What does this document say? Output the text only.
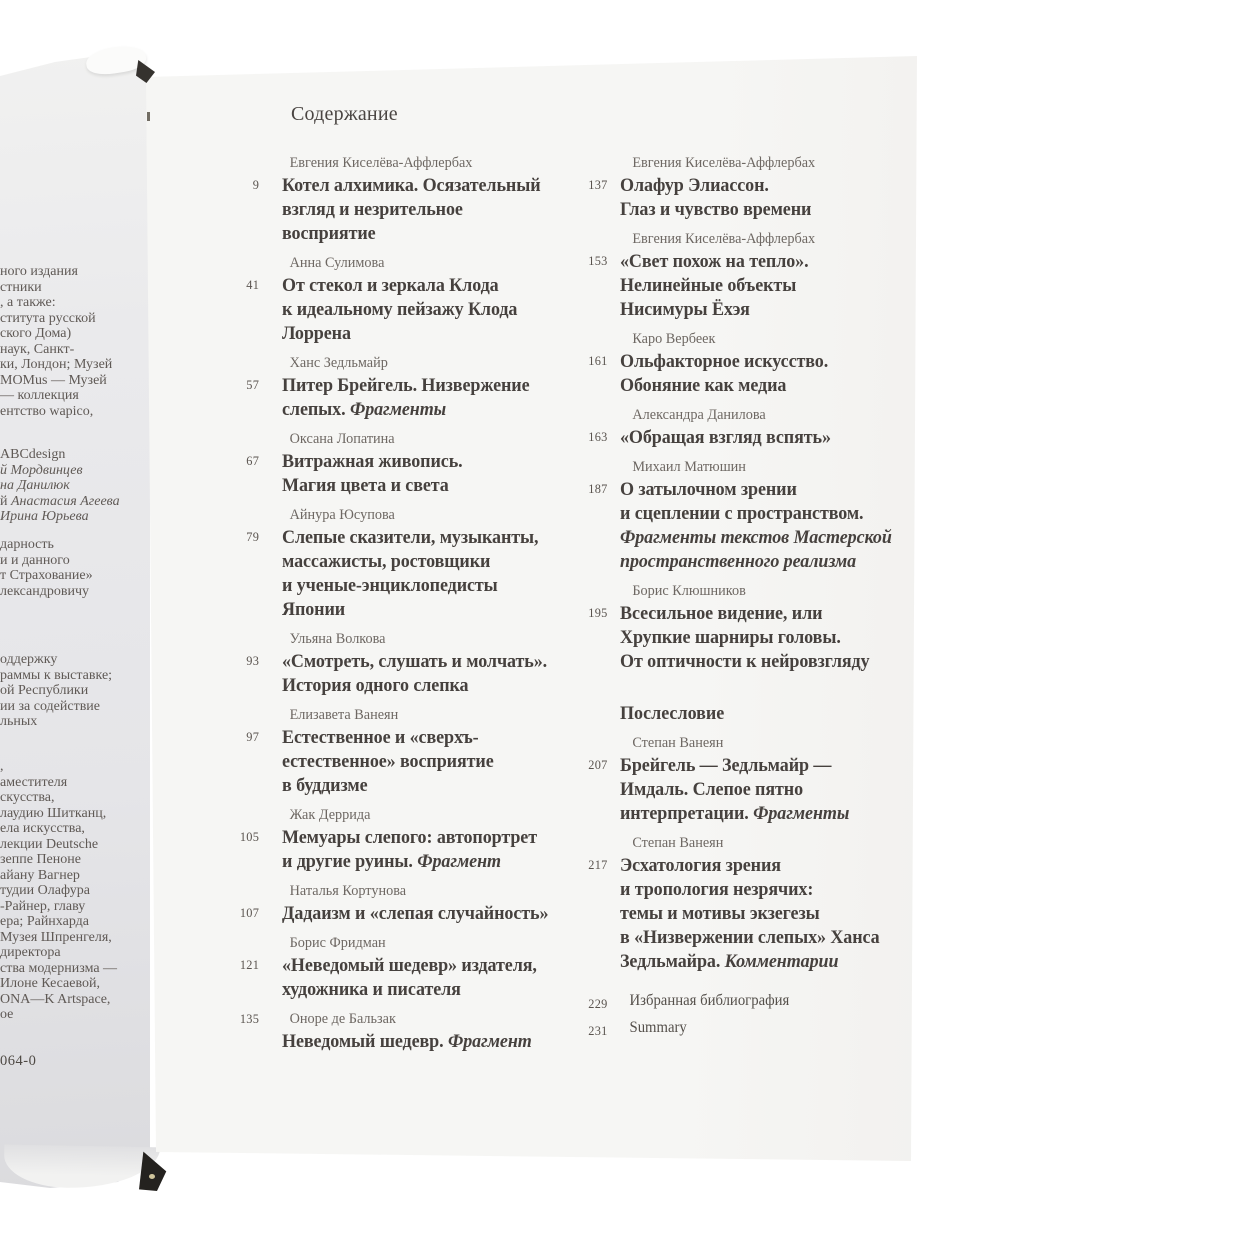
ного издания
стники
, а также:
ститута русской
ского Дома)
наук, Санкт-
ки, Лондон; Музей
MOMus — Музей
— коллекция
ентство wapico,
ABCdesign
й Мордвинцев
на Данилюк
й Анастасия Агеева
Ирина Юрьева
дарность
и и данного
т Страхование»
лександровичу
оддержку
раммы к выставке;
ой Республики
ии за содействие
льных
,
аместителя
скусства,
лаудию Шитканц,
ела искусства,
лекции Deutsche
зеппе Пеноне
айану Вагнер
тудии Олафура
-Райнер, главу
ера; Райнхарда
Музея Шпренгеля,
директора
ства модернизма —
Илоне Кесаевой,
ONA—K Artspace,
ое
064-0
Содержание
9
Евгения Киселёва-Аффлербах
Котел алхимика. Осязательный
взгляд и незрительное
восприятие
41
Анна Сулимова
От стекол и зеркала Клода
к идеальному пейзажу Клода
Лоррена
57
Ханс Зедльмайр
Питер Брейгель. Низвержение
слепых. Фрагменты
67
Оксана Лопатина
Витражная живопись.
Магия цвета и света
79
Айнура Юсупова
Слепые сказители, музыканты,
массажисты, ростовщики
и ученые-энциклопедисты
Японии
93
Ульяна Волкова
«Смотреть, слушать и молчать».
История одного слепка
97
Елизавета Ванеян
Естественное и «сверхъ-
естественное» восприятие
в буддизме
105
Жак Деррида
Мемуары слепого: автопортрет
и другие руины. Фрагмент
107
Наталья Кортунова
Дадаизм и «слепая случайность»
121
Борис Фридман
«Неведомый шедевр» издателя,
художника и писателя
135	Оноре де Бальзак
Неведомый шедевр. Фрагмент
137
Евгения Киселёва-Аффлербах
Олафур Элиассон.
Глаз и чувство времени
153
Евгения Киселёва-Аффлербах
«Свет похож на тепло».
Нелинейные объекты
Нисимуры Ёхэя
161
Каро Вербеек
Ольфакторное искусство.
Обоняние как медиа
163
Александра Данилова
«Обращая взгляд вспять»
187
Михаил Матюшин
О затылочном зрении
и сцеплении с пространством.
Фрагменты текстов Мастерской
пространственного реализма
195
Борис Клюшников
Всесильное видение, или
Хрупкие шарниры головы.
От оптичности к нейровзгляду
Послесловие
207
Степан Ванеян
Брейгель — Зедльмайр —
Имдаль. Слепое пятно
интерпретации. Фрагменты
217
Степан Ванеян
Эсхатология зрения
и тропология незрячих:
темы и мотивы экзегезы
в «Низвержении слепых» Ханса
Зедльмайра. Комментарии
229 Избранная библиография
231 Summary
